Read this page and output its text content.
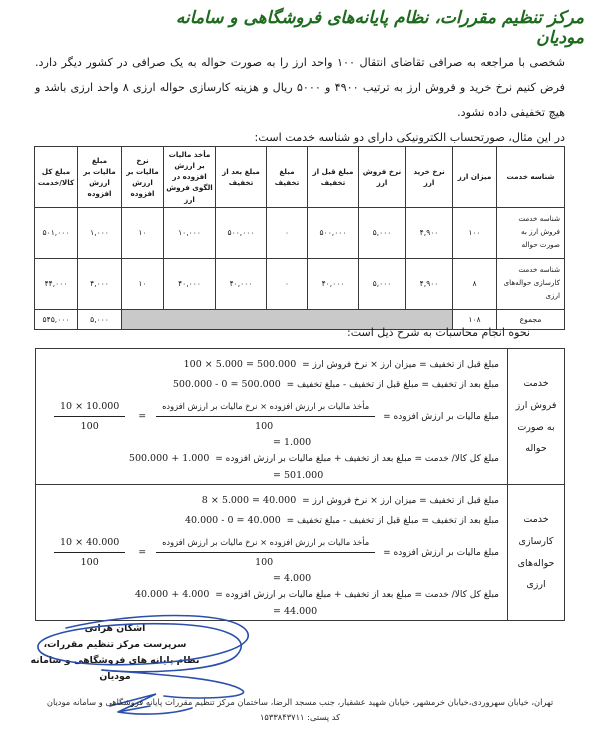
مرکز تنظیم مقررات، نظام پایانه‌های فروشگاهی و سامانه مودیان

شخصی با مراجعه به صرافی تقاضای انتقال ۱۰۰ واحد ارز را به صورت حواله به یک صرافی در کشور دیگر دارد. فرض کنیم نرخ خرید و فروش ارز به ترتیب ۴۹۰۰ و ۵۰۰۰ ریال و هزینه کارسازی حواله ارزی ۸ واحد ارزی باشد و هیچ تخفیفی داده نشود.

در این مثال، صورتحساب الکترونیکی دارای دو شناسه خدمت است:

شناسه خدمت	میزان ارز	نرخ خرید ارز	نرخ فروش ارز	مبلغ قبل از تخفیف	مبلغ تخفیف	مبلغ بعد از تخفیف	مأخذ مالیات بر ارزش افزوده در الگوی فروش ارز	نرخ مالیات بر ارزش افزوده	مبلغ مالیات بر ارزش افزوده	مبلغ کل کالا/خدمت
شناسه خدمت فروش ارز به صورت حواله	۱۰۰	۴,۹۰۰	۵,۰۰۰	۵۰۰,۰۰۰	۰	۵۰۰,۰۰۰	۱۰,۰۰۰	۱۰	۱,۰۰۰	۵۰۱,۰۰۰
شناسه خدمت کارسازی حواله‌های ارزی	۸	۴,۹۰۰	۵,۰۰۰	۴۰,۰۰۰	۰	۴۰,۰۰۰	۴۰,۰۰۰	۱۰	۴,۰۰۰	۴۴,۰۰۰
مجموع	۱۰۸								۵,۰۰۰	۵۴۵,۰۰۰
نحوه انجام محاسبات به شرح ذیل است:
خدمت فروش ارز به صورت حواله	
مبلغ قبل از تخفیف = میزان ارز × نرخ فروش ارز = 100 × 5.000 = 500.000
مبلغ بعد از تخفیف = مبلغ قبل از تخفیف - مبلغ تخفیف = 500.000 - 0 = 500.000
مبلغ مالیات بر ارزش افزوده =
$\frac{\text{مأخذ مالیات بر ارزش افزوده × نرخ مالیات بر ارزش افزوده}}{100}$
=
$\frac{10 \times 10.000}{100}$
= 1.000
مبلغ کل کالا/ خدمت = مبلغ بعد از تخفیف + مبلغ مالیات بر ارزش افزوده = 500.000 + 1.000
= 501.000

خدمت کارسازی حواله‌های ارزی	
مبلغ قبل از تخفیف = میزان ارز × نرخ فروش ارز = 8 × 5.000 = 40.000
مبلغ بعد از تخفیف = مبلغ قبل از تخفیف - مبلغ تخفیف = 40.000 - 0 = 40.000
مبلغ مالیات بر ارزش افزوده =
$\frac{\text{مأخذ مالیات بر ارزش افزوده × نرخ مالیات بر ارزش افزوده}}{100}$
=
$\frac{10 \times 40.000}{100}$
= 4.000
مبلغ کل کالا/ خدمت = مبلغ بعد از تخفیف + مبلغ مالیات بر ارزش افزوده = 40.000 + 4.000
= 44.000
اشکان هراتی
سرپرست مرکز تنظیم مقررات،
نظام پایانه های فروشگاهی و سامانه مودیان
تهران، خیابان سهروردی،خیابان خرمشهر، خیابان شهید عشقیار، جنب مسجد الرضا، ساختمان مرکز تنظیم مقررات پایانه فروشگاهی و سامانه مودیان
کد پستی: ۱۵۳۳۸۴۳۷۱۱
